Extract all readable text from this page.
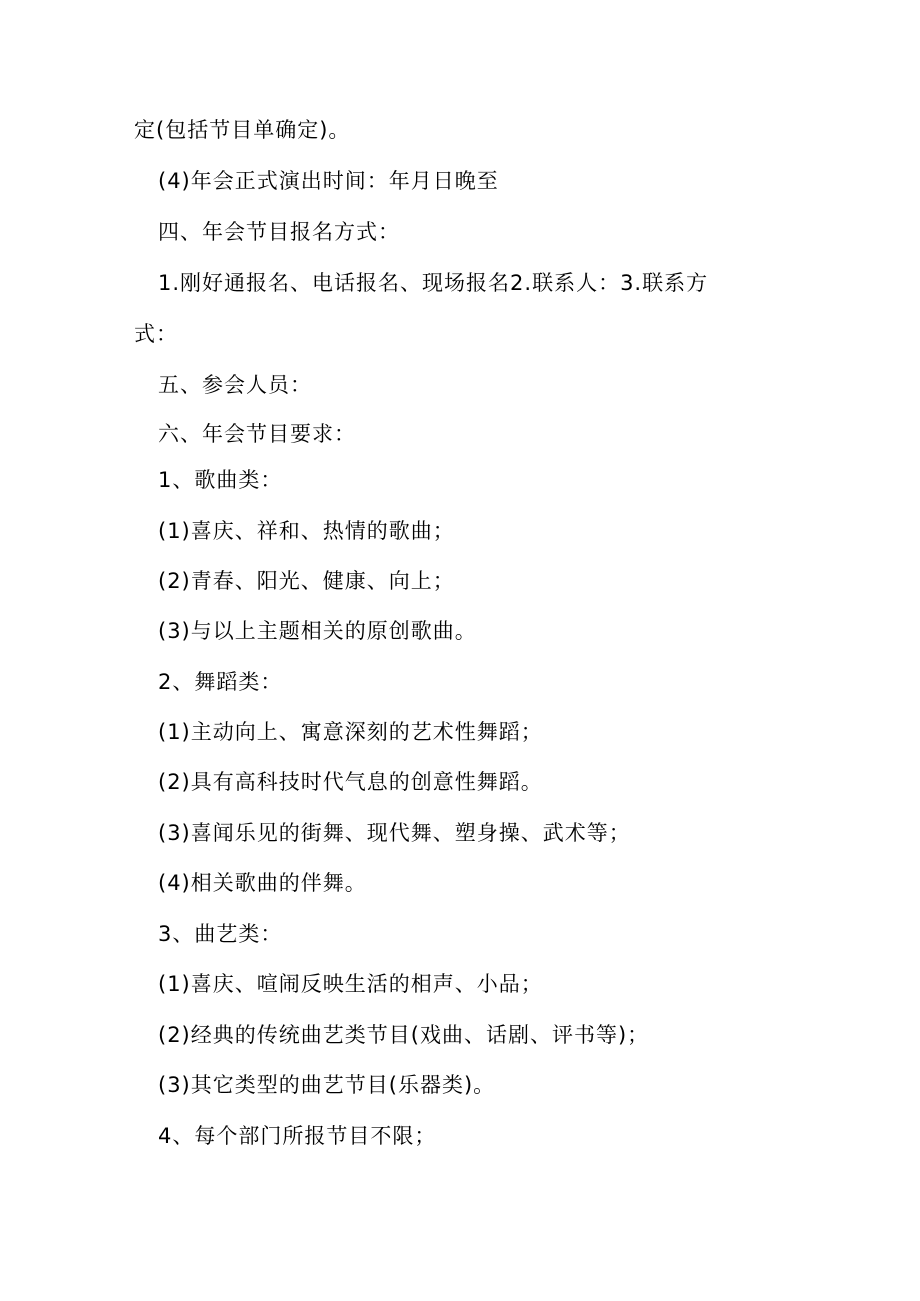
定(包括节目单确定)。
(4)年会正式演出时间：年月日晚至
四、年会节目报名方式：
1.刚好通报名、电话报名、现场报名2.联系人：3.联系方
式：
五、参会人员：
六、年会节目要求：
1、歌曲类：
(1)喜庆、祥和、热情的歌曲；
(2)青春、阳光、健康、向上；
(3)与以上主题相关的原创歌曲。
2、舞蹈类：
(1)主动向上、寓意深刻的艺术性舞蹈；
(2)具有高科技时代气息的创意性舞蹈。
(3)喜闻乐见的街舞、现代舞、塑身操、武术等；
(4)相关歌曲的伴舞。
3、曲艺类：
(1)喜庆、喧闹反映生活的相声、小品；
(2)经典的传统曲艺类节目(戏曲、话剧、评书等)；
(3)其它类型的曲艺节目(乐器类)。
4、每个部门所报节目不限；
